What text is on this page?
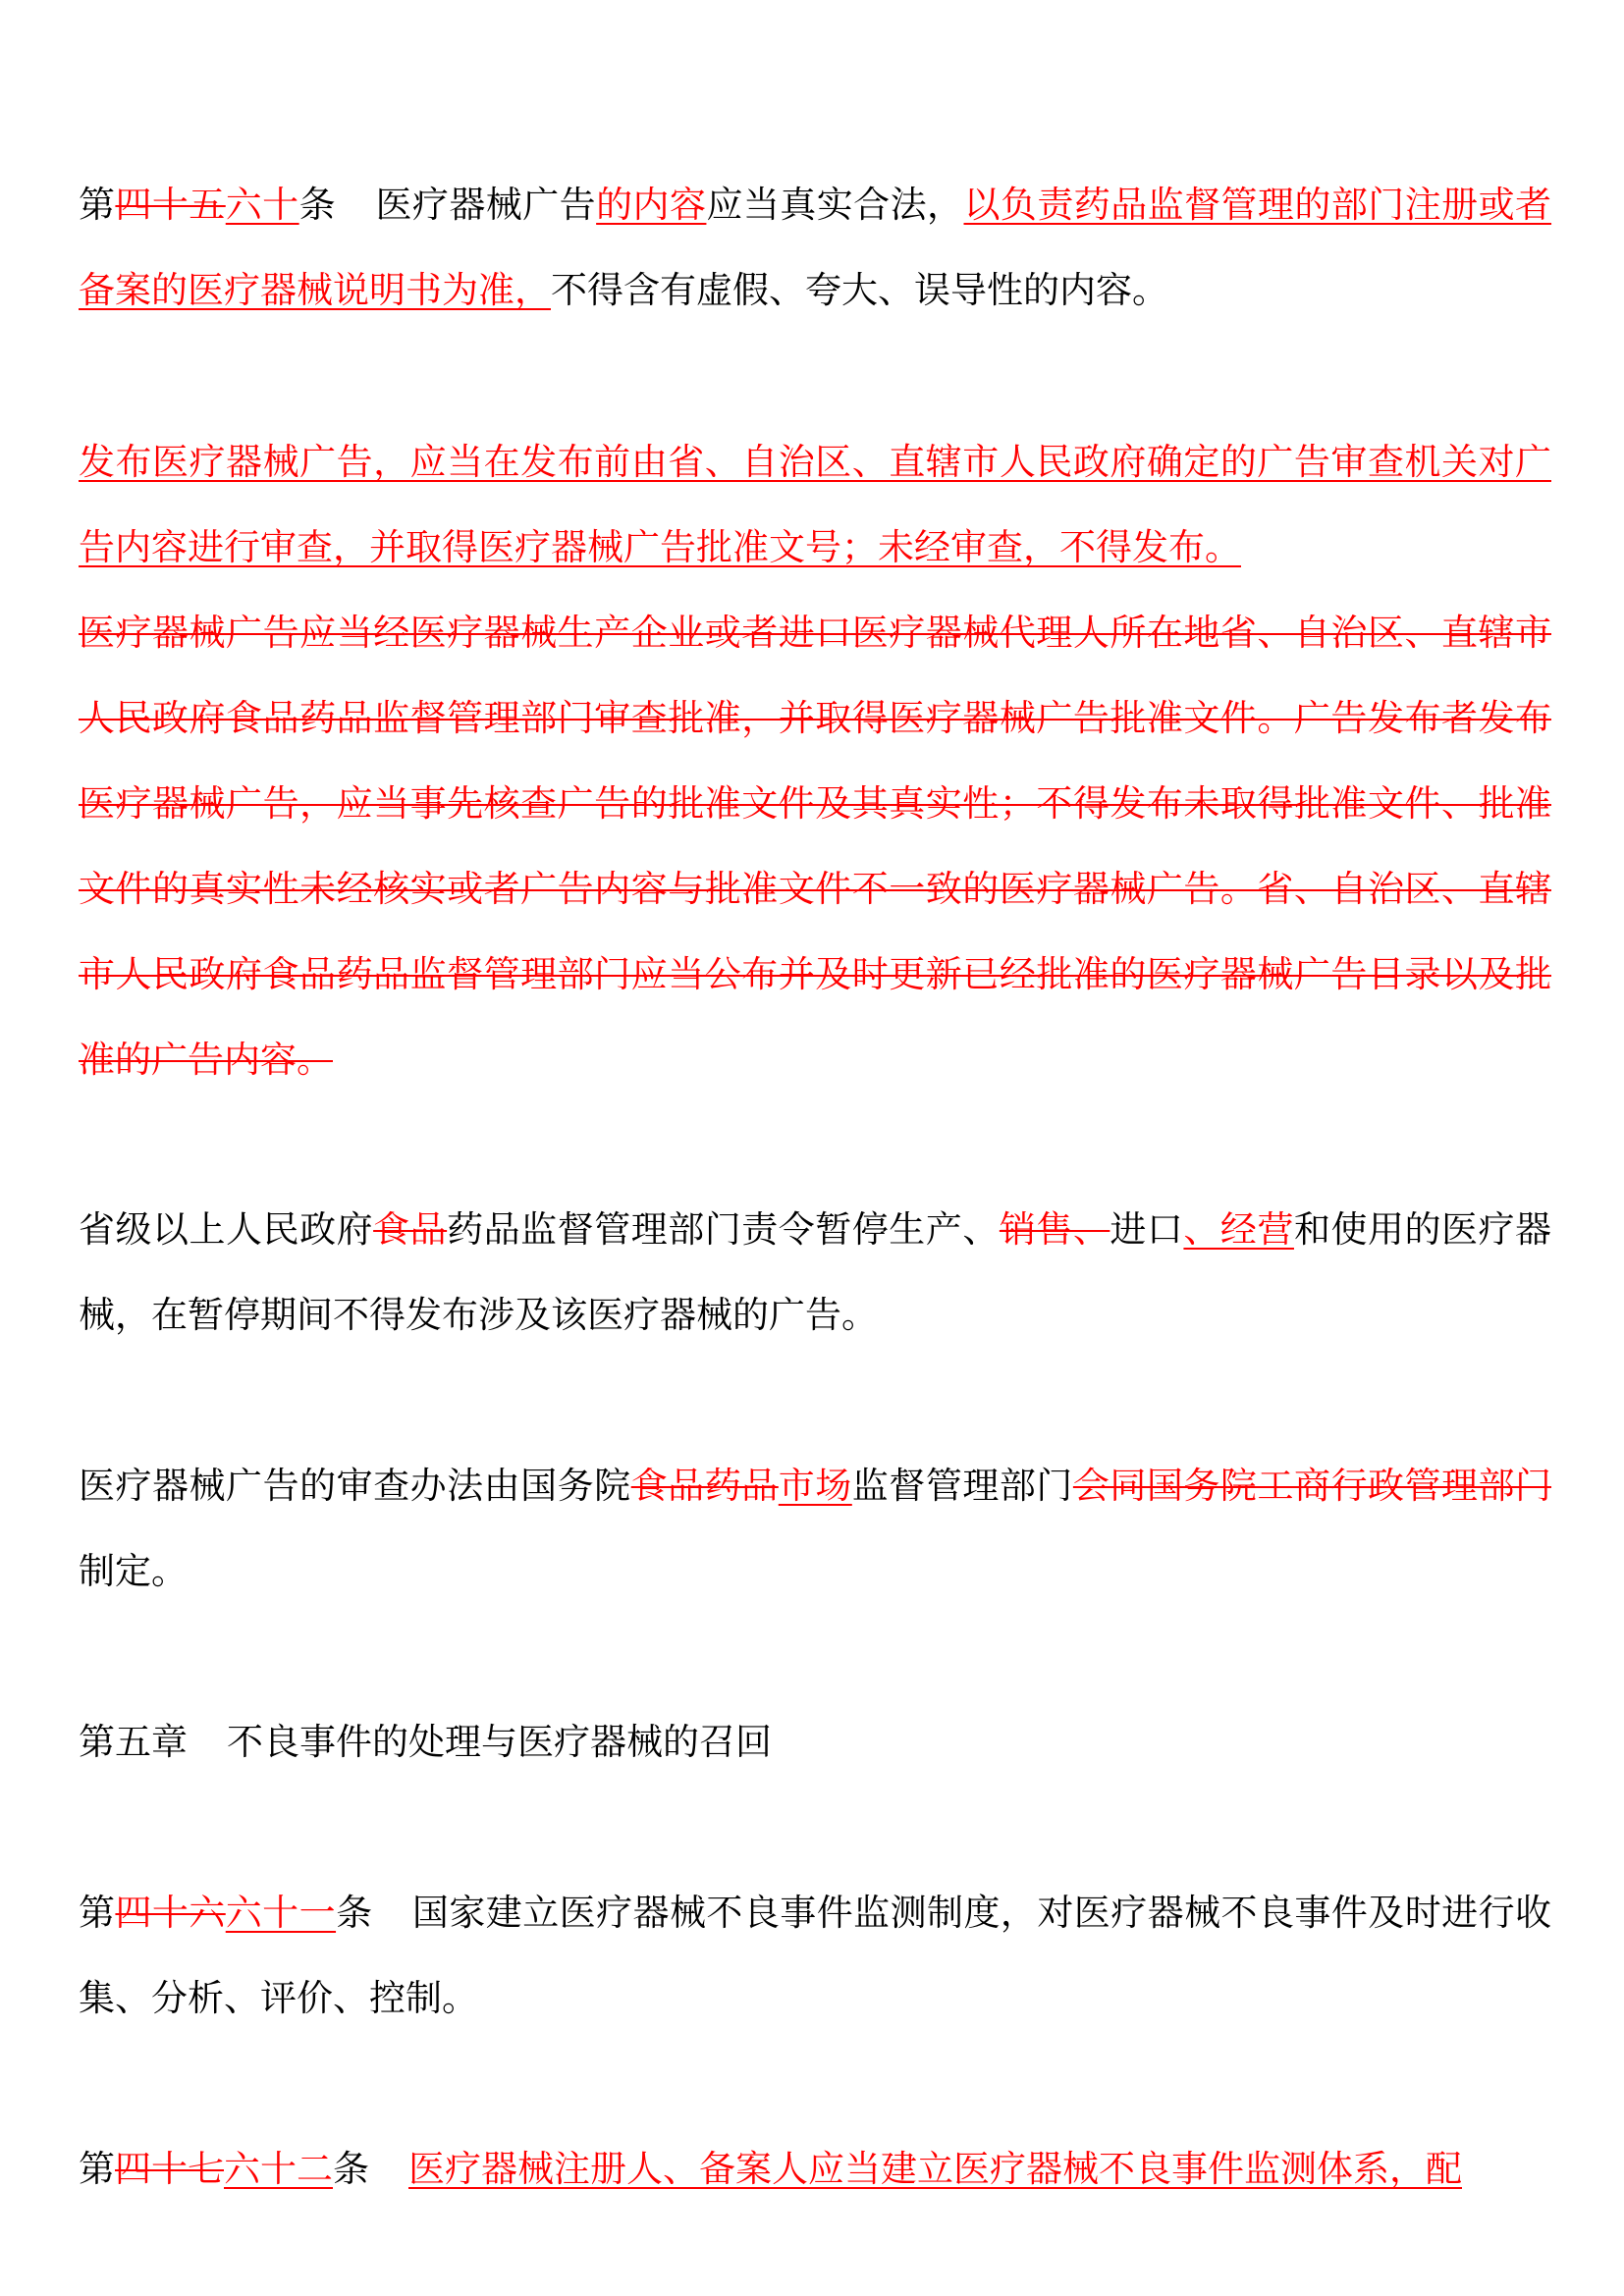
第四十五六十条 医疗器械广告的内容应当真实合法，以负责药品监督管理的部门注册或者备案的医疗器械说明书为准，不得含有虚假、夸大、误导性的内容。

发布医疗器械广告，应当在发布前由省、自治区、直辖市人民政府确定的广告审查机关对广告内容进行审查，并取得医疗器械广告批准文号；未经审查，不得发布。

医疗器械广告应当经医疗器械生产企业或者进口医疗器械代理人所在地省、自治区、直辖市人民政府食品药品监督管理部门审查批准，并取得医疗器械广告批准文件。广告发布者发布医疗器械广告，应当事先核查广告的批准文件及其真实性；不得发布未取得批准文件、批准文件的真实性未经核实或者广告内容与批准文件不一致的医疗器械广告。省、自治区、直辖市人民政府食品药品监督管理部门应当公布并及时更新已经批准的医疗器械广告目录以及批准的广告内容。

省级以上人民政府食品药品监督管理部门责令暂停生产、销售、进口、经营和使用的医疗器械，在暂停期间不得发布涉及该医疗器械的广告。

医疗器械广告的审查办法由国务院食品药品市场监督管理部门会同国务院工商行政管理部门制定。

第五章 不良事件的处理与医疗器械的召回

第四十六六十一条 国家建立医疗器械不良事件监测制度，对医疗器械不良事件及时进行收集、分析、评价、控制。

第四十七六十二条 医疗器械注册人、备案人应当建立医疗器械不良事件监测体系，配
